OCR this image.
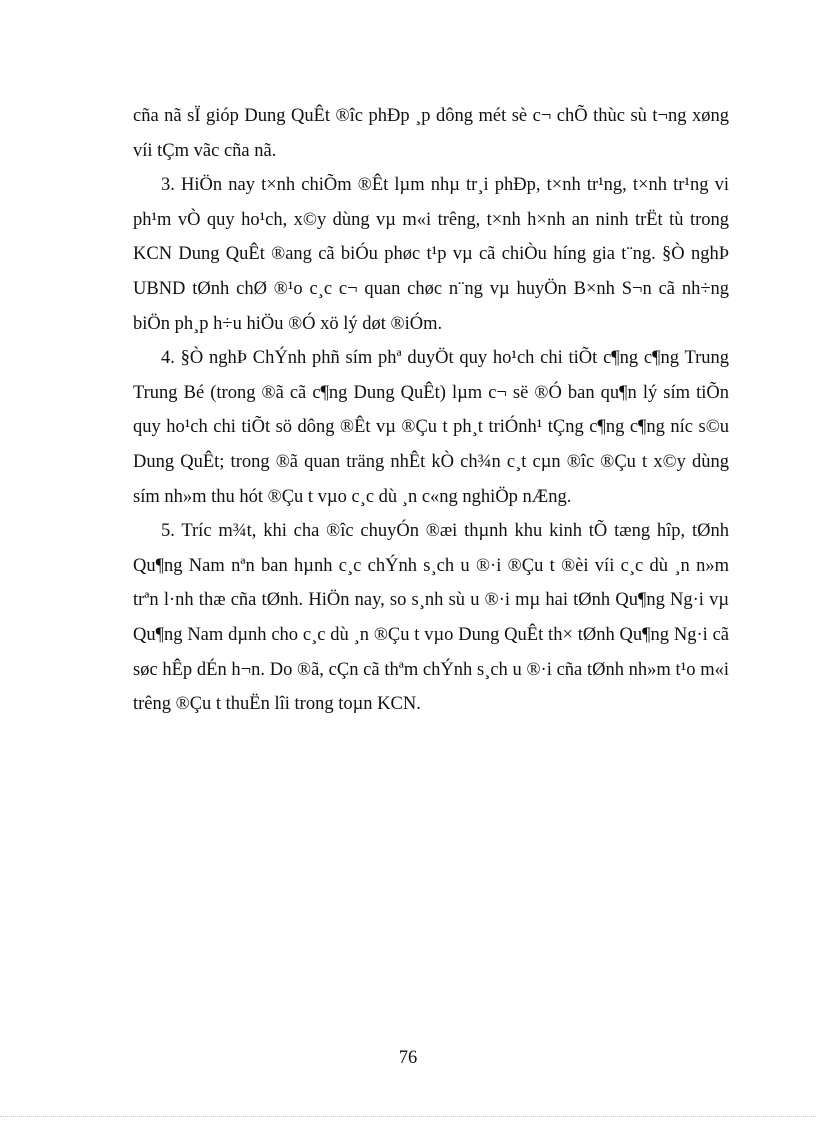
cña nã sÏ gióp Dung QuÊt ®îc phÐp ¸p dông mét sè c¬ chÕ thùc sù t¬ng xøng víi tÇm vãc cña nã.

3. HiÖn nay t×nh chiÕm ®Êt lµm nhµ tr¸i phÐp, t×nh tr¹ng, t×nh tr¹ng vi ph¹m vÒ quy ho¹ch, x©y dùng vµ m«i trêng, t×nh h×nh an ninh trËt tù trong KCN Dung QuÊt ®ang cã biÓu phøc t¹p vµ cã chiÒu híng gia t¨ng. §Ò nghÞ UBND tØnh chØ ®¹o c¸c c¬ quan chøc n¨ng vµ huyÖn B×nh S¬n cã nh÷ng biÖn ph¸p h÷u hiÖu ®Ó xö lý døt ®iÓm.

4. §Ò nghÞ ChÝnh phñ sím phª duyÖt quy ho¹ch chi tiÕt c¶ng c¶ng Trung Trung Bé (trong ®ã cã c¶ng Dung QuÊt) lµm c¬ së ®Ó ban qu¶n lý sím tiÕn quy ho¹ch chi tiÕt sö dông ®Êt vµ ®Çu t ph¸t triÓnh¹ tÇng c¶ng c¶ng níc s©u Dung QuÊt; trong ®ã quan träng nhÊt kÒ ch¾n c¸t cµn ®îc ®Çu t x©y dùng sím nh»m thu hót ®Çu t vµo c¸c dù ¸n c«ng nghiÖp nÆng.

5. Tríc m¾t, khi cha ®îc chuyÓn ®æi thµnh khu kinh tÕ tæng hîp, tØnh Qu¶ng Nam nªn ban hµnh c¸c chÝnh s¸ch u ®·i ®Çu t ®èi víi c¸c dù ¸n n»m trªn l·nh thæ cña tØnh. HiÖn nay, so s¸nh sù u ®·i mµ hai tØnh Qu¶ng Ng·i vµ Qu¶ng Nam dµnh cho c¸c dù ¸n ®Çu t vµo Dung QuÊt th× tØnh Qu¶ng Ng·i cã søc hÊp dÉn h¬n. Do ®ã, cÇn cã thªm chÝnh s¸ch u ®·i cña tØnh nh»m t¹o m«i trêng ®Çu t thuËn lîi trong toµn KCN.

76
